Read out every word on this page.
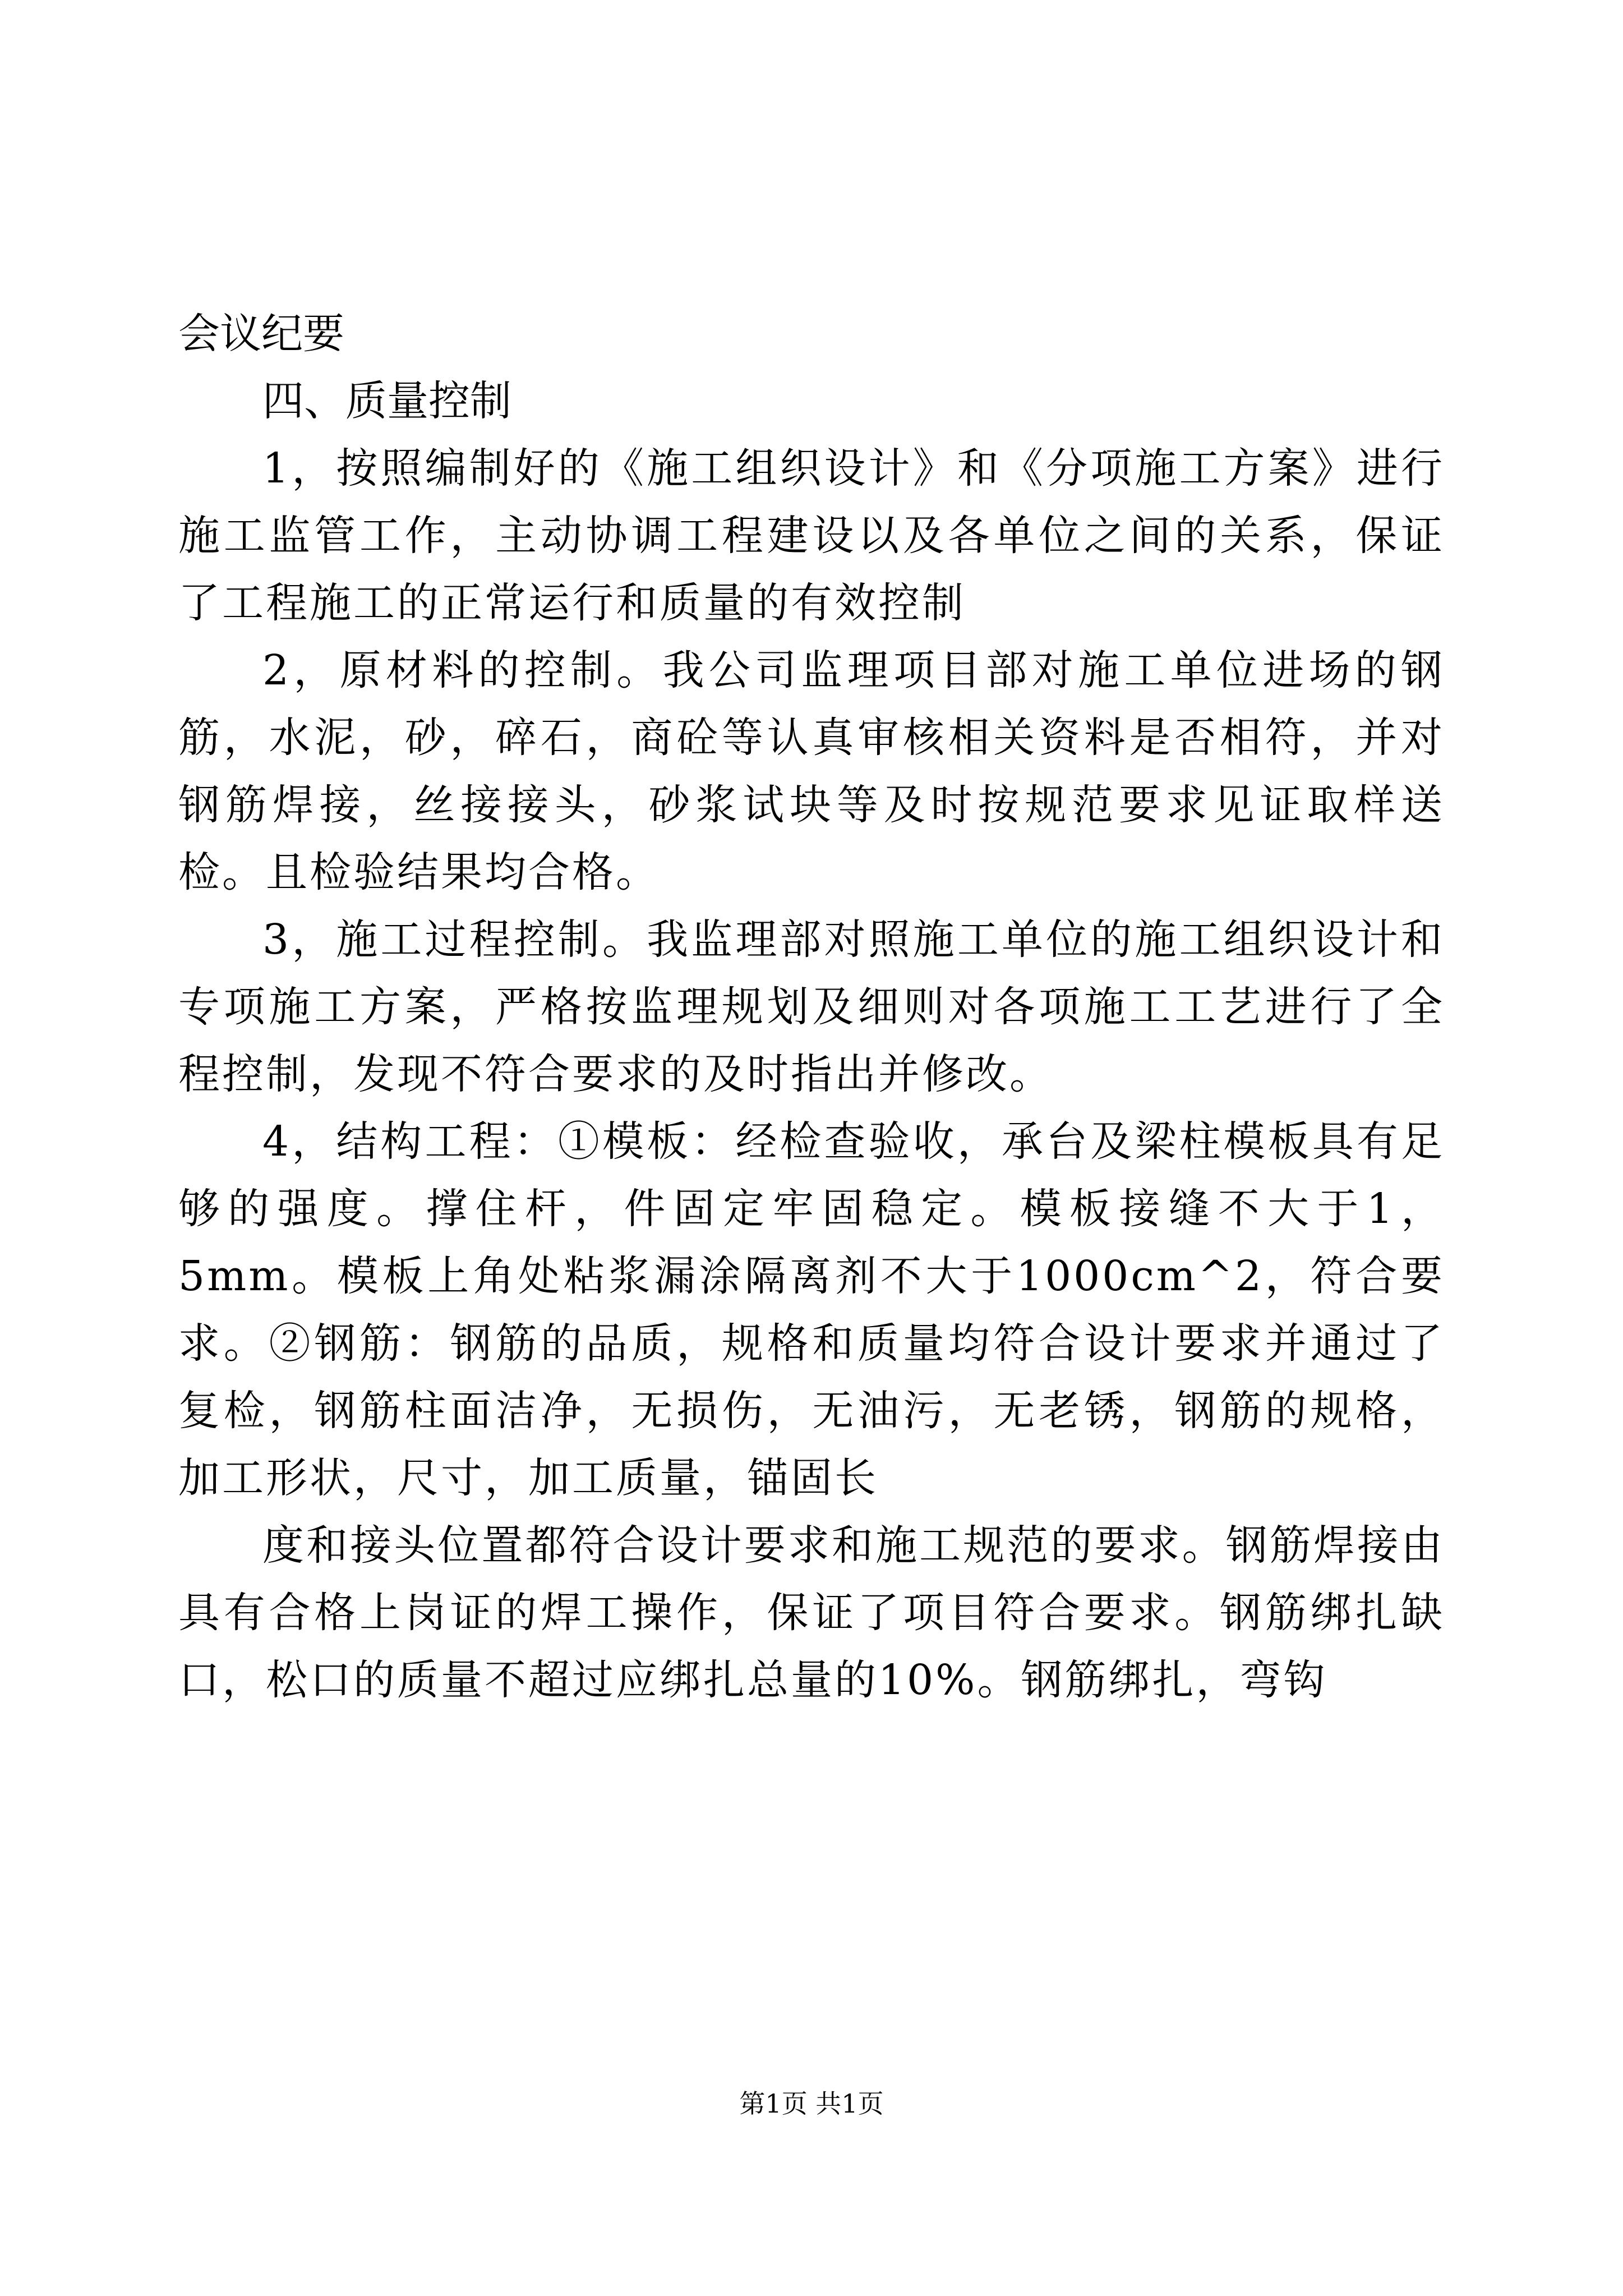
会议纪要
四、质量控制

1，按照编制好的《施工组织设计》和《分项施工方案》进行施工监管工作，主动协调工程建设以及各单位之间的关系，保证了工程施工的正常运行和质量的有效控制

2，原材料的控制。我公司监理项目部对施工单位进场的钢筋，水泥，砂，碎石，商砼等认真审核相关资料是否相符，并对钢筋焊接，丝接接头，砂浆试块等及时按规范要求见证取样送检。且检验结果均合格。

3，施工过程控制。我监理部对照施工单位的施工组织设计和专项施工方案，严格按监理规划及细则对各项施工工艺进行了全程控制，发现不符合要求的及时指出并修改。

4，结构工程：①模板：经检查验收，承台及梁柱模板具有足够的强度。撑住杆，件固定牢固稳定。模板接缝不大于1，5mm。模板上角处粘浆漏涂隔离剂不大于1000cm^2，符合要求。②钢筋：钢筋的品质，规格和质量均符合设计要求并通过了复检，钢筋柱面洁净，无损伤，无油污，无老锈，钢筋的规格，加工形状，尺寸，加工质量，锚固长

度和接头位置都符合设计要求和施工规范的要求。钢筋焊接由具有合格上岗证的焊工操作，保证了项目符合要求。钢筋绑扎缺口，松口的质量不超过应绑扎总量的10%。钢筋绑扎，弯钩

第1页 共1页
